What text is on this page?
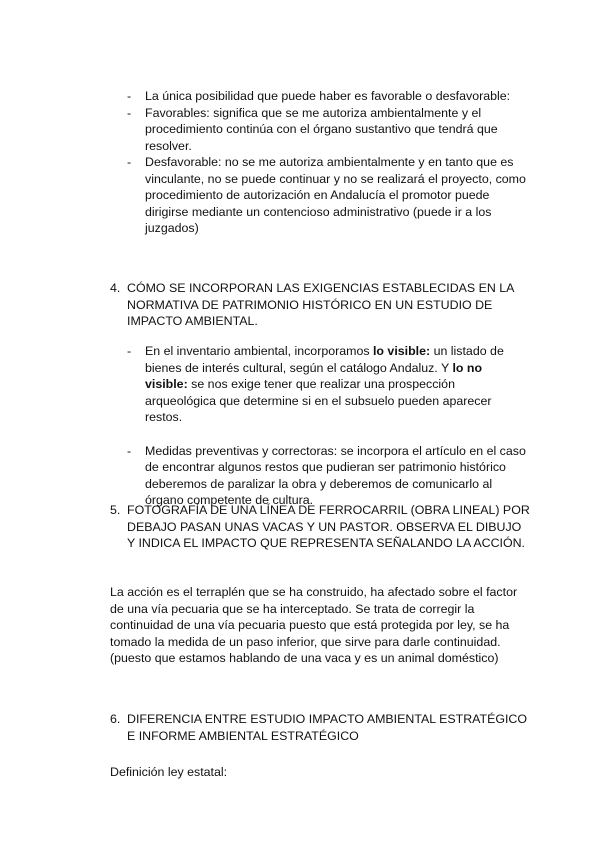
- La única posibilidad que puede haber es favorable o desfavorable:
- Favorables: significa que se me autoriza ambientalmente y el procedimiento continúa con el órgano sustantivo que tendrá que resolver.
- Desfavorable: no se me autoriza ambientalmente y en tanto que es vinculante, no se puede continuar y no se realizará el proyecto, como procedimiento de autorización en Andalucía el promotor puede dirigirse mediante un contencioso administrativo (puede ir a los juzgados)
4. CÓMO SE INCORPORAN LAS EXIGENCIAS ESTABLECIDAS EN LA NORMATIVA DE PATRIMONIO HISTÓRICO EN UN ESTUDIO DE IMPACTO AMBIENTAL.
- En el inventario ambiental, incorporamos lo visible: un listado de bienes de interés cultural, según el catálogo Andaluz. Y lo no visible: se nos exige tener que realizar una prospección arqueológica que determine si en el subsuelo pueden aparecer restos.
- Medidas preventivas y correctoras: se incorpora el artículo en el caso de encontrar algunos restos que pudieran ser patrimonio histórico deberemos de paralizar la obra y deberemos de comunicarlo al órgano competente de cultura.
5. FOTOGRAFÍA DE UNA LÍNEA DE FERROCARRIL (OBRA LINEAL) POR DEBAJO PASAN UNAS VACAS Y UN PASTOR. OBSERVA EL DIBUJO Y INDICA EL IMPACTO QUE REPRESENTA SEÑALANDO LA ACCIÓN.
La acción es el terraplén que se ha construido, ha afectado sobre el factor de una vía pecuaria que se ha interceptado. Se trata de corregir la continuidad de una vía pecuaria puesto que está protegida por ley, se ha tomado la medida de un paso inferior, que sirve para darle continuidad.
(puesto que estamos hablando de una vaca y es un animal doméstico)
6. DIFERENCIA ENTRE ESTUDIO IMPACTO AMBIENTAL ESTRATÉGICO E INFORME AMBIENTAL ESTRATÉGICO
Definición ley estatal:
